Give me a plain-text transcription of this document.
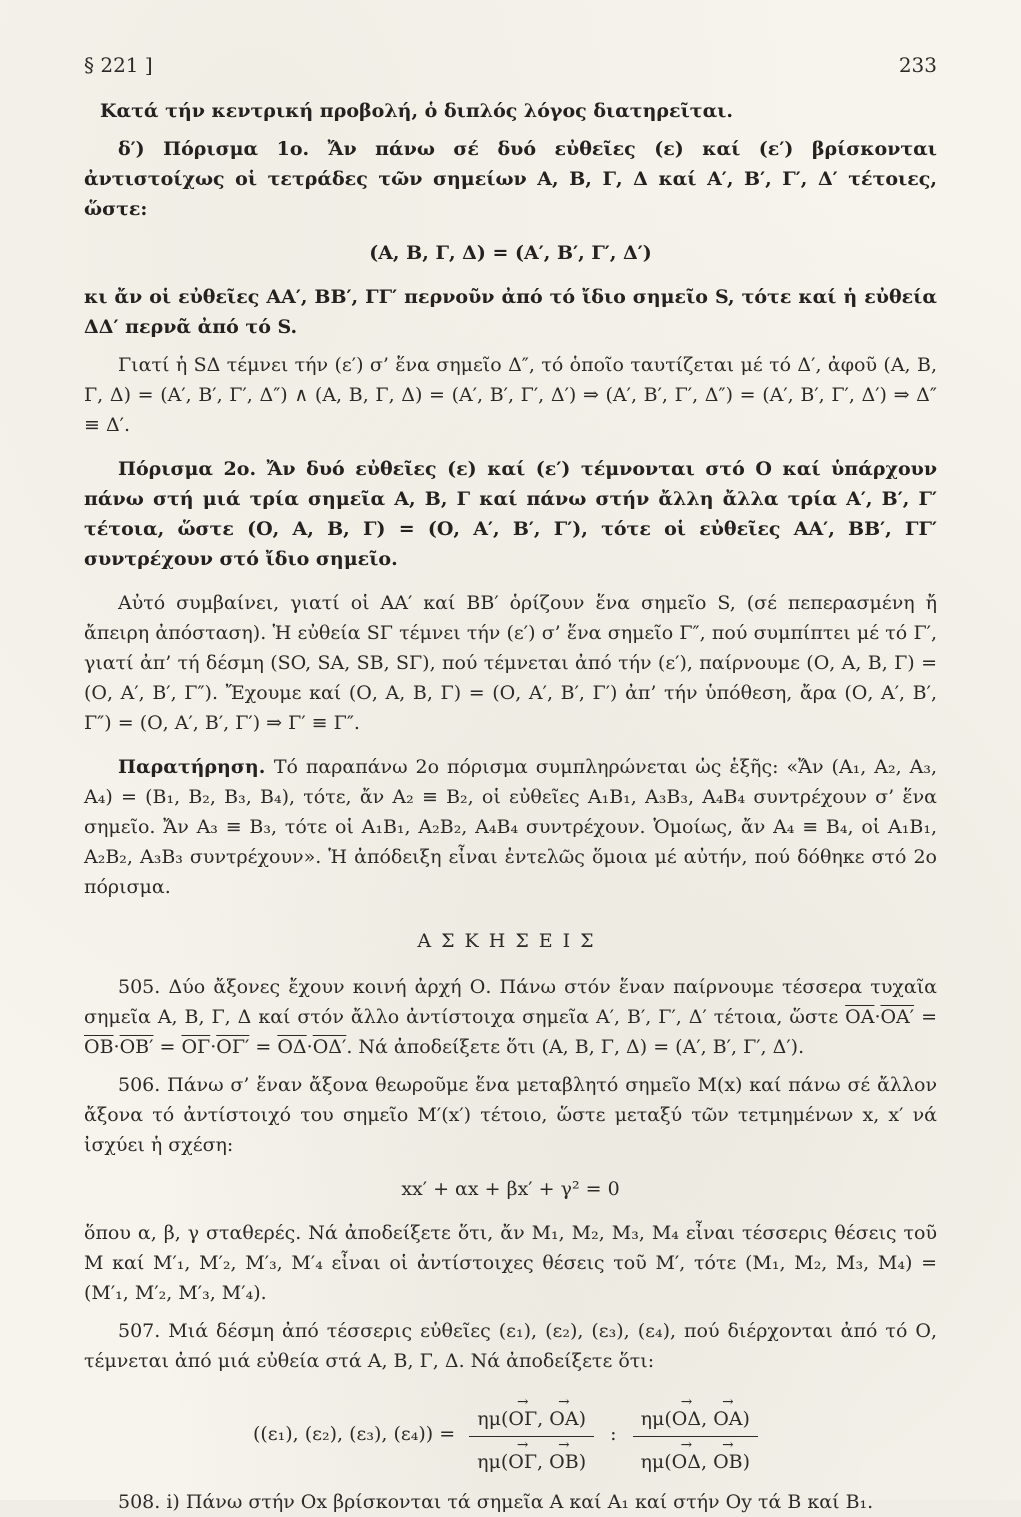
§ 221 ]	233

Κατά τήν κεντρική προβολή, ὁ διπλός λόγος διατηρεῖται.

δ′) Πόρισμα 1ο. Ἄν πάνω σέ δυό εὐθεῖες (ε) καί (ε′) βρίσκονται ἀντιστοίχως οἱ τετράδες τῶν σημείων Α, Β, Γ, Δ καί Α′, Β′, Γ′, Δ′ τέτοιες, ὥστε:

(Α, Β, Γ, Δ) = (Α′, Β′, Γ′, Δ′)

κι ἄν οἱ εὐθεῖες ΑΑ′, ΒΒ′, ΓΓ′ περνοῦν ἀπό τό ἴδιο σημεῖο S, τότε καί ἡ εὐθεία ΔΔ′ περνᾶ ἀπό τό S.

Γιατί ἡ SΔ τέμνει τήν (ε′) σ’ ἕνα σημεῖο Δ″, τό ὁποῖο ταυτίζεται μέ τό Δ′, ἀφοῦ (Α, Β, Γ, Δ) = (Α′, Β′, Γ′, Δ″) ∧ (Α, Β, Γ, Δ) = (Α′, Β′, Γ′, Δ′) ⇒ (Α′, Β′, Γ′, Δ″) = (Α′, Β′, Γ′, Δ′) ⇒ Δ″ ≡ Δ′.

Πόρισμα 2ο. Ἄν δυό εὐθεῖες (ε) καί (ε′) τέμνονται στό Ο καί ὑπάρχουν πάνω στή μιά τρία σημεῖα Α, Β, Γ καί πάνω στήν ἄλλη ἄλλα τρία Α′, Β′, Γ′ τέτοια, ὥστε (Ο, Α, Β, Γ) = (Ο, Α′, Β′, Γ′), τότε οἱ εὐθεῖες ΑΑ′, ΒΒ′, ΓΓ′ συντρέχουν στό ἴδιο σημεῖο.

Αὐτό συμβαίνει, γιατί οἱ ΑΑ′ καί ΒΒ′ ὁρίζουν ἕνα σημεῖο S, (σέ πεπερασμένη ἤ ἄπειρη ἀπόσταση). Ἡ εὐθεία SΓ τέμνει τήν (ε′) σ’ ἕνα σημεῖο Γ″, πού συμπίπτει μέ τό Γ′, γιατί ἀπ’ τή δέσμη (SO, SA, SB, SΓ), πού τέμνεται ἀπό τήν (ε′), παίρνουμε (Ο, Α, Β, Γ) = (Ο, Α′, Β′, Γ″). Ἔχουμε καί (Ο, Α, Β, Γ) = (Ο, Α′, Β′, Γ′) ἀπ’ τήν ὑπόθεση, ἄρα (Ο, Α′, Β′, Γ″) = (Ο, Α′, Β′, Γ′) ⇒ Γ′ ≡ Γ″.

Παρατήρηση. Τό παραπάνω 2ο πόρισμα συμπληρώνεται ὡς ἑξῆς: «Ἄν (Α₁, Α₂, Α₃, Α₄) = (Β₁, Β₂, Β₃, Β₄), τότε, ἄν Α₂ ≡ Β₂, οἱ εὐθεῖες Α₁Β₁, Α₃Β₃, Α₄Β₄ συντρέχουν σ’ ἕνα σημεῖο. Ἄν Α₃ ≡ Β₃, τότε οἱ Α₁Β₁, Α₂Β₂, Α₄Β₄ συντρέχουν. Ὁμοίως, ἄν Α₄ ≡ Β₄, οἱ Α₁Β₁, Α₂Β₂, Α₃Β₃ συντρέχουν». Ἡ ἀπόδειξη εἶναι ἐντελῶς ὅμοια μέ αὐτήν, πού δόθηκε στό 2ο πόρισμα.

ΑΣΚΗΣΕΙΣ

505. Δύο ἄξονες ἔχουν κοινή ἀρχή Ο. Πάνω στόν ἕναν παίρνουμε τέσσερα τυχαῖα σημεῖα Α, Β, Γ, Δ καί στόν ἄλλο ἀντίστοιχα σημεῖα Α′, Β′, Γ′, Δ′ τέτοια, ὥστε $\overline{OA}\cdot OA' = \overline{OB}\cdot OB' = \overline{O\Gamma}\cdot O\Gamma' = \overline{O\Delta}\cdot O\Delta'$. Νά ἀποδείξετε ὅτι (Α, Β, Γ, Δ) = (Α′, Β′, Γ′, Δ′).

506. Πάνω σ’ ἕναν ἄξονα θεωροῦμε ἕνα μεταβλητό σημεῖο Μ(x) καί πάνω σέ ἄλλον ἄξονα τό ἀντίστοιχό του σημεῖο Μ′(x′) τέτοιο, ὥστε μεταξύ τῶν τετμημένων x, x′ νά ἰσχύει ἡ σχέση:

xx′ + αx + βx′ + γ² = 0

ὅπου α, β, γ σταθερές. Νά ἀποδείξετε ὅτι, ἄν Μ₁, Μ₂, Μ₃, Μ₄ εἶναι τέσσερις θέσεις τοῦ Μ καί Μ′₁, Μ′₂, Μ′₃, Μ′₄ εἶναι οἱ ἀντίστοιχες θέσεις τοῦ Μ′, τότε (Μ₁, Μ₂, Μ₃, Μ₄) = (Μ′₁, Μ′₂, Μ′₃, Μ′₄).

507. Μιά δέσμη ἀπό τέσσερις εὐθεῖες (ε₁), (ε₂), (ε₃), (ε₄), πού διέρχονται ἀπό τό Ο, τέμνεται ἀπό μιά εὐθεία στά Α, Β, Γ, Δ. Νά ἀποδείξετε ὅτι:

((ε₁), (ε₂), (ε₃), $(\varepsilon_4)) = \frac{\eta\mu(O\Gamma \to, OA \to)}{\eta\mu(O\Gamma \to, OB \to)}$ : $\frac{\eta\mu(O\Delta \to, OA \to)}{\eta\mu(O\Delta \to, OB \to)}$

508. i) Πάνω στήν Οx βρίσκονται τά σημεῖα Α καί Α₁ καί στήν Οy τά Β καί Β₁.
